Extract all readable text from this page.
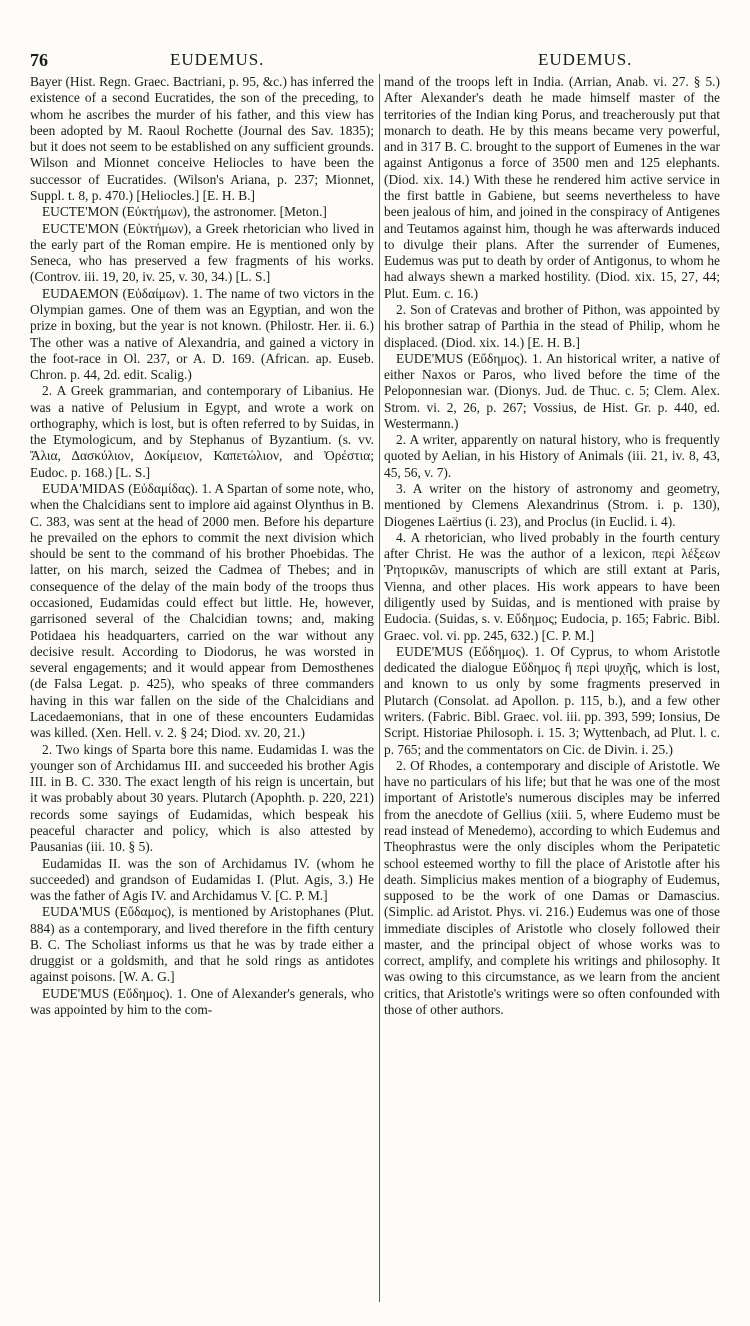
76	EUDEMUS.	EUDEMUS.

Bayer (Hist. Regn. Graec. Bactriani, p. 95, &c.) has inferred the existence of a second Eucratides, the son of the preceding, to whom he ascribes the murder of his father, and this view has been adopted by M. Raoul Rochette (Journal des Sav. 1835); but it does not seem to be established on any sufficient grounds. Wilson and Mionnet conceive Heliocles to have been the successor of Eucratides. (Wilson's Ariana, p. 237; Mionnet, Suppl. t. 8, p. 470.) [Heliocles.] [E. H. B.]

EUCTE'MON (Εὐκτήμων), the astronomer. [Meton.]

EUCTE'MON (Εὐκτήμων), a Greek rhetorician who lived in the early part of the Roman empire. He is mentioned only by Seneca, who has preserved a few fragments of his works. (Controv. iii. 19, 20, iv. 25, v. 30, 34.) [L. S.]

EUDAEMON (Εὐδαίμων). 1. The name of two victors in the Olympian games. One of them was an Egyptian, and won the prize in boxing, but the year is not known. (Philostr. Her. ii. 6.) The other was a native of Alexandria, and gained a victory in the foot-race in Ol. 237, or A. D. 169. (African. ap. Euseb. Chron. p. 44, 2d. edit. Scalig.)

2. A Greek grammarian, and contemporary of Libanius. He was a native of Pelusium in Egypt, and wrote a work on orthography, which is lost, but is often referred to by Suidas, in the Etymologicum, and by Stephanus of Byzantium. (s. vv. Ἄλια, Δασκύλιον, Δοκίμειον, Καπετώλιον, and Ὀρέστια; Eudoc. p. 168.) [L. S.]

EUDA'MIDAS (Εὐδαμίδας). 1. A Spartan of some note, who, when the Chalcidians sent to implore aid against Olynthus in B. C. 383, was sent at the head of 2000 men. Before his departure he prevailed on the ephors to commit the next division which should be sent to the command of his brother Phoebidas. The latter, on his march, seized the Cadmea of Thebes; and in consequence of the delay of the main body of the troops thus occasioned, Eudamidas could effect but little. He, however, garrisoned several of the Chalcidian towns; and, making Potidaea his headquarters, carried on the war without any decisive result. According to Diodorus, he was worsted in several engagements; and it would appear from Demosthenes (de Falsa Legat. p. 425), who speaks of three commanders having in this war fallen on the side of the Chalcidians and Lacedaemonians, that in one of these encounters Eudamidas was killed. (Xen. Hell. v. 2. § 24; Diod. xv. 20, 21.)

2. Two kings of Sparta bore this name. Eudamidas I. was the younger son of Archidamus III. and succeeded his brother Agis III. in B. C. 330. The exact length of his reign is uncertain, but it was probably about 30 years. Plutarch (Apophth. p. 220, 221) records some sayings of Eudamidas, which bespeak his peaceful character and policy, which is also attested by Pausanias (iii. 10. § 5).

Eudamidas II. was the son of Archidamus IV. (whom he succeeded) and grandson of Eudamidas I. (Plut. Agis, 3.) He was the father of Agis IV. and Archidamus V. [C. P. M.]

EUDA'MUS (Εὔδαμος), is mentioned by Aristophanes (Plut. 884) as a contemporary, and lived therefore in the fifth century B. C. The Scholiast informs us that he was by trade either a druggist or a goldsmith, and that he sold rings as antidotes against poisons. [W. A. G.]

EUDE'MUS (Εὔδημος). 1. One of Alexander's generals, who was appointed by him to the com-

mand of the troops left in India. (Arrian, Anab. vi. 27. § 5.) After Alexander's death he made himself master of the territories of the Indian king Porus, and treacherously put that monarch to death. He by this means became very powerful, and in 317 B. C. brought to the support of Eumenes in the war against Antigonus a force of 3500 men and 125 elephants. (Diod. xix. 14.) With these he rendered him active service in the first battle in Gabiene, but seems nevertheless to have been jealous of him, and joined in the conspiracy of Antigenes and Teutamos against him, though he was afterwards induced to divulge their plans. After the surrender of Eumenes, Eudemus was put to death by order of Antigonus, to whom he had always shewn a marked hostility. (Diod. xix. 15, 27, 44; Plut. Eum. c. 16.)

2. Son of Cratevas and brother of Pithon, was appointed by his brother satrap of Parthia in the stead of Philip, whom he displaced. (Diod. xix. 14.) [E. H. B.]

EUDE'MUS (Εὔδημος). 1. An historical writer, a native of either Naxos or Paros, who lived before the time of the Peloponnesian war. (Dionys. Jud. de Thuc. c. 5; Clem. Alex. Strom. vi. 2, 26, p. 267; Vossius, de Hist. Gr. p. 440, ed. Westermann.)

2. A writer, apparently on natural history, who is frequently quoted by Aelian, in his History of Animals (iii. 21, iv. 8, 43, 45, 56, v. 7).

3. A writer on the history of astronomy and geometry, mentioned by Clemens Alexandrinus (Strom. i. p. 130), Diogenes Laërtius (i. 23), and Proclus (in Euclid. i. 4).

4. A rhetorician, who lived probably in the fourth century after Christ. He was the author of a lexicon, περὶ λέξεων Ῥητορικῶν, manuscripts of which are still extant at Paris, Vienna, and other places. His work appears to have been diligently used by Suidas, and is mentioned with praise by Eudocia. (Suidas, s. v. Εὔδημος; Eudocia, p. 165; Fabric. Bibl. Graec. vol. vi. pp. 245, 632.) [C. P. M.]

EUDE'MUS (Εὔδημος). 1. Of Cyprus, to whom Aristotle dedicated the dialogue Εὔδημος ἢ περὶ ψυχῆς, which is lost, and known to us only by some fragments preserved in Plutarch (Consolat. ad Apollon. p. 115, b.), and a few other writers. (Fabric. Bibl. Graec. vol. iii. pp. 393, 599; Ionsius, De Script. Historiae Philosoph. i. 15. 3; Wyttenbach, ad Plut. l. c. p. 765; and the commentators on Cic. de Divin. i. 25.)

2. Of Rhodes, a contemporary and disciple of Aristotle. We have no particulars of his life; but that he was one of the most important of Aristotle's numerous disciples may be inferred from the anecdote of Gellius (xiii. 5, where Eudemo must be read instead of Menedemo), according to which Eudemus and Theophrastus were the only disciples whom the Peripatetic school esteemed worthy to fill the place of Aristotle after his death. Simplicius makes mention of a biography of Eudemus, supposed to be the work of one Damas or Damascius. (Simplic. ad Aristot. Phys. vi. 216.) Eudemus was one of those immediate disciples of Aristotle who closely followed their master, and the principal object of whose works was to correct, amplify, and complete his writings and philosophy. It was owing to this circumstance, as we learn from the ancient critics, that Aristotle's writings were so often confounded with those of other authors.
